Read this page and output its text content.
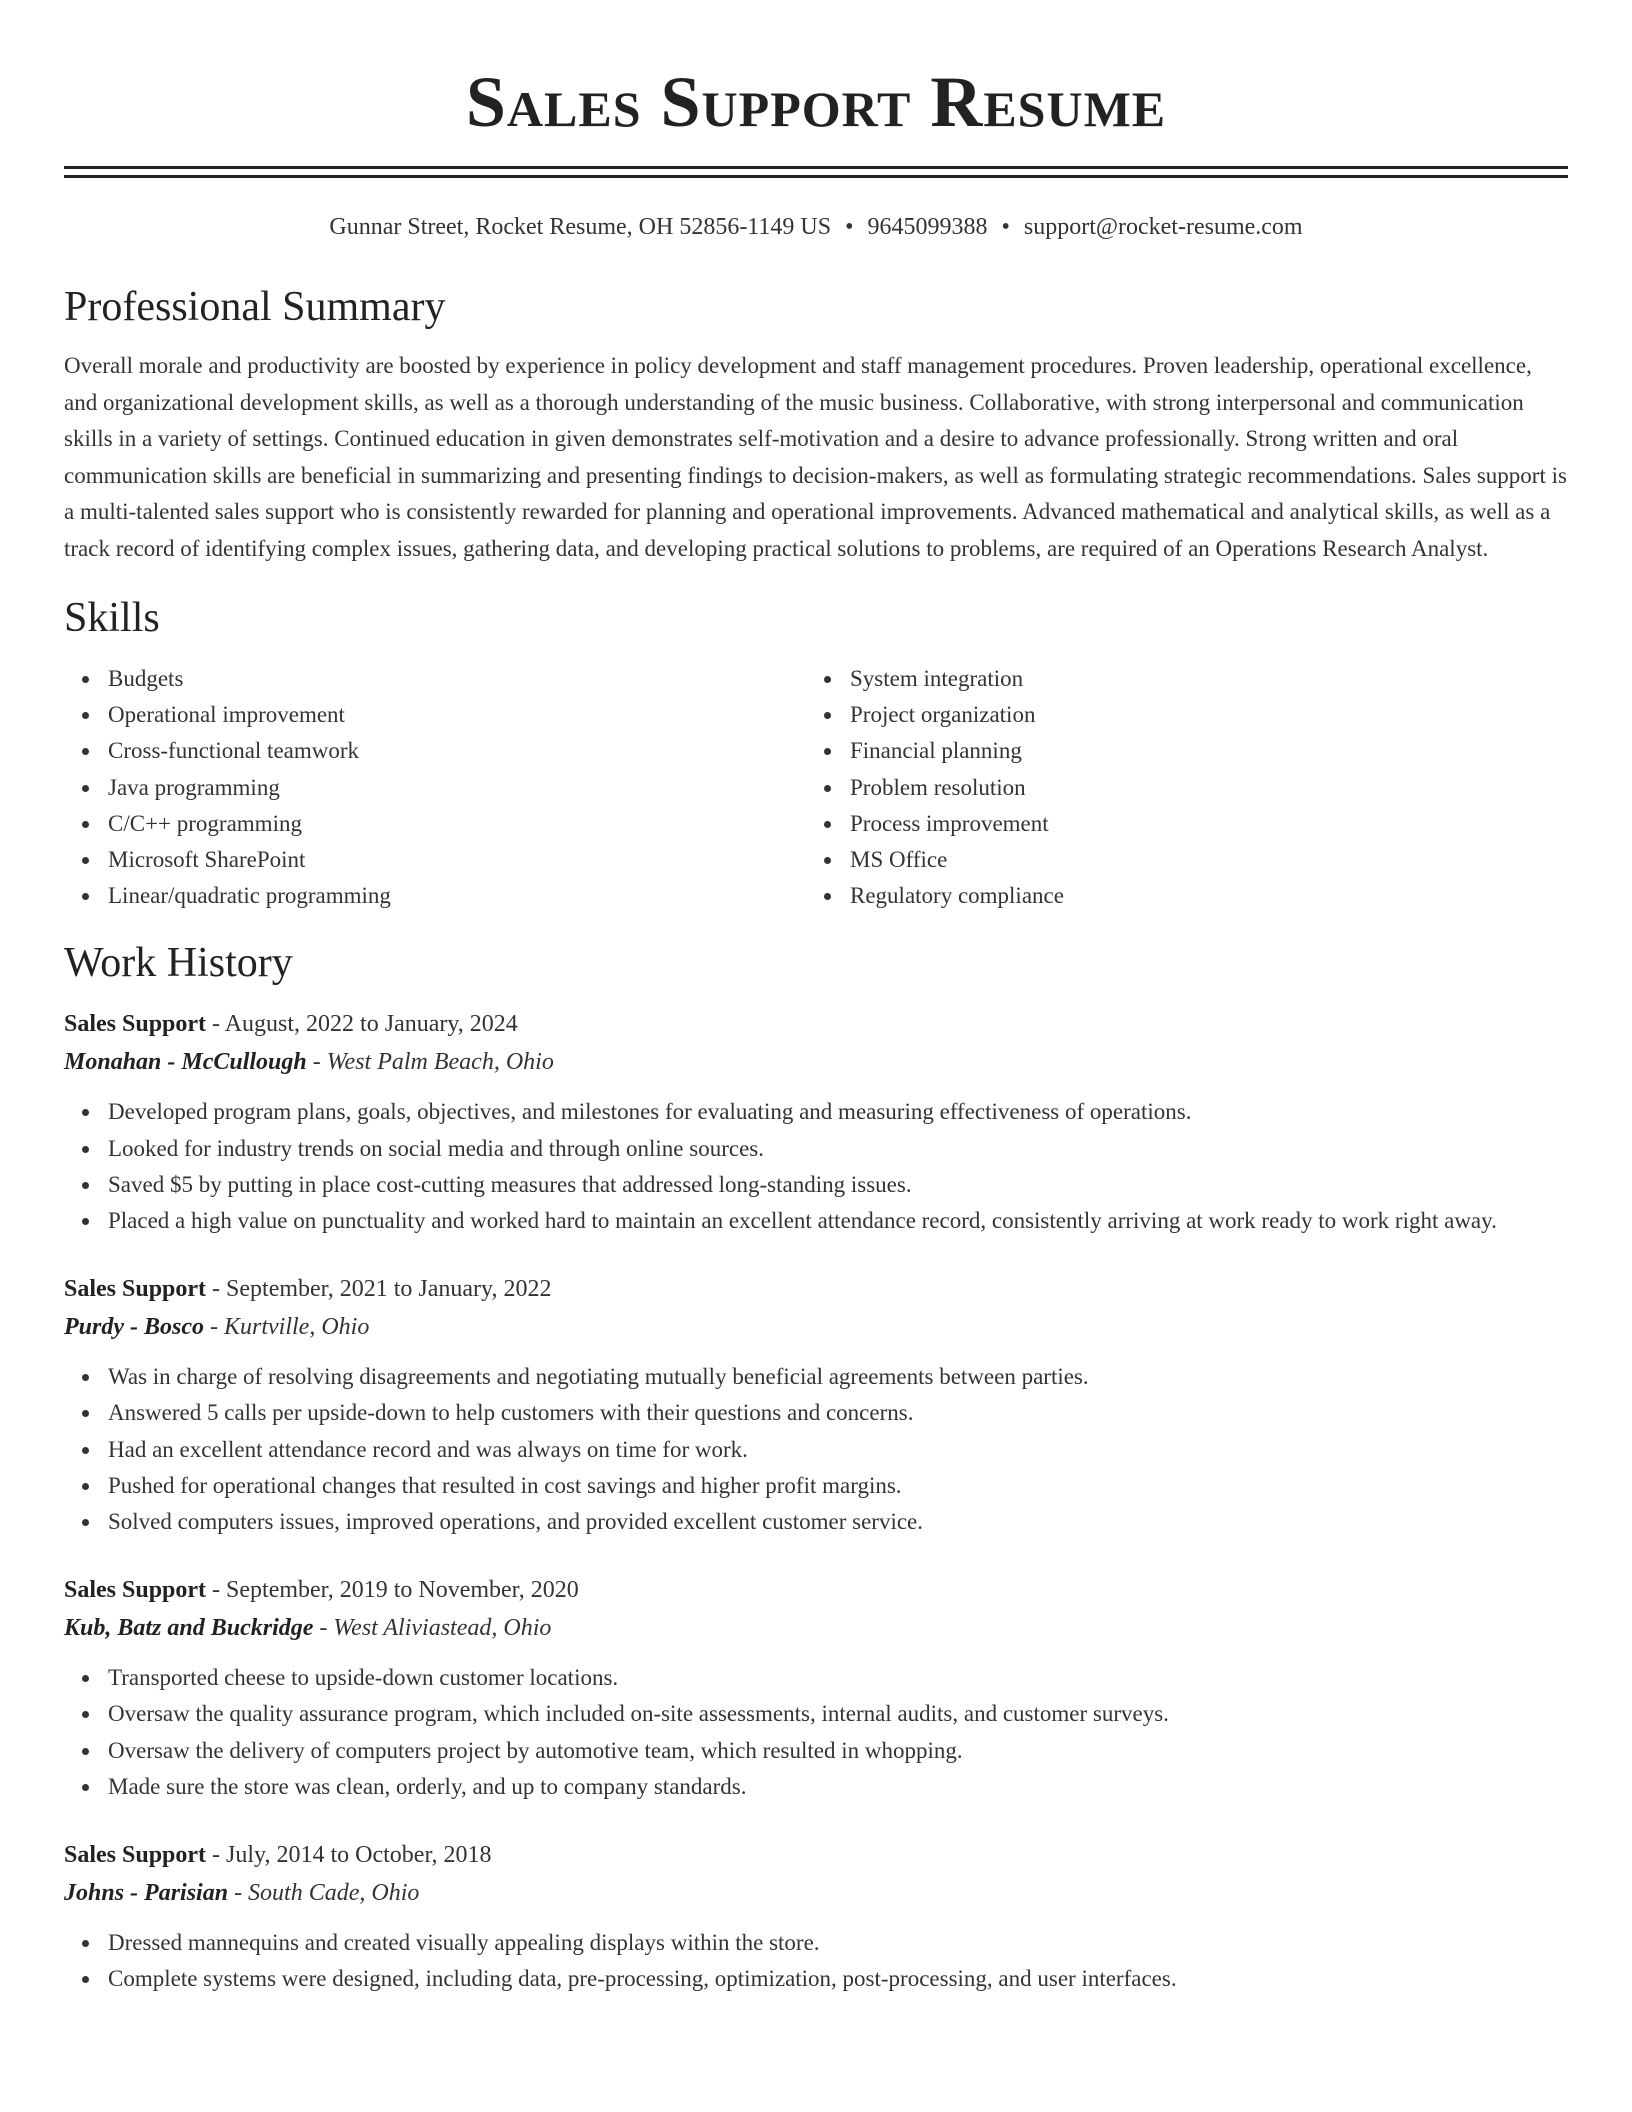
Sales Support Resume
Gunnar Street, Rocket Resume, OH 52856-1149 US • 9645099388 • support@rocket-resume.com
Professional Summary

Overall morale and productivity are boosted by experience in policy development and staff management procedures. Proven leadership, operational excellence, and organizational development skills, as well as a thorough understanding of the music business. Collaborative, with strong interpersonal and communication skills in a variety of settings. Continued education in given demonstrates self-motivation and a desire to advance professionally. Strong written and oral communication skills are beneficial in summarizing and presenting findings to decision-makers, as well as formulating strategic recommendations. Sales support is a multi-talented sales support who is consistently rewarded for planning and operational improvements. Advanced mathematical and analytical skills, as well as a track record of identifying complex issues, gathering data, and developing practical solutions to problems, are required of an Operations Research Analyst.

Skills
Budgets
Operational improvement
Cross-functional teamwork
Java programming
C/C++ programming
Microsoft SharePoint
Linear/quadratic programming
System integration
Project organization
Financial planning
Problem resolution
Process improvement
MS Office
Regulatory compliance
Work History
Sales Support - August, 2022 to January, 2024
Monahan - McCullough - West Palm Beach, Ohio
Developed program plans, goals, objectives, and milestones for evaluating and measuring effectiveness of operations.
Looked for industry trends on social media and through online sources.
Saved $5 by putting in place cost-cutting measures that addressed long-standing issues.
Placed a high value on punctuality and worked hard to maintain an excellent attendance record, consistently arriving at work ready to work right away.
Sales Support - September, 2021 to January, 2022
Purdy - Bosco - Kurtville, Ohio
Was in charge of resolving disagreements and negotiating mutually beneficial agreements between parties.
Answered 5 calls per upside-down to help customers with their questions and concerns.
Had an excellent attendance record and was always on time for work.
Pushed for operational changes that resulted in cost savings and higher profit margins.
Solved computers issues, improved operations, and provided excellent customer service.
Sales Support - September, 2019 to November, 2020
Kub, Batz and Buckridge - West Aliviastead, Ohio
Transported cheese to upside-down customer locations.
Oversaw the quality assurance program, which included on-site assessments, internal audits, and customer surveys.
Oversaw the delivery of computers project by automotive team, which resulted in whopping.
Made sure the store was clean, orderly, and up to company standards.
Sales Support - July, 2014 to October, 2018
Johns - Parisian - South Cade, Ohio
Dressed mannequins and created visually appealing displays within the store.
Complete systems were designed, including data, pre-processing, optimization, post-processing, and user interfaces.
